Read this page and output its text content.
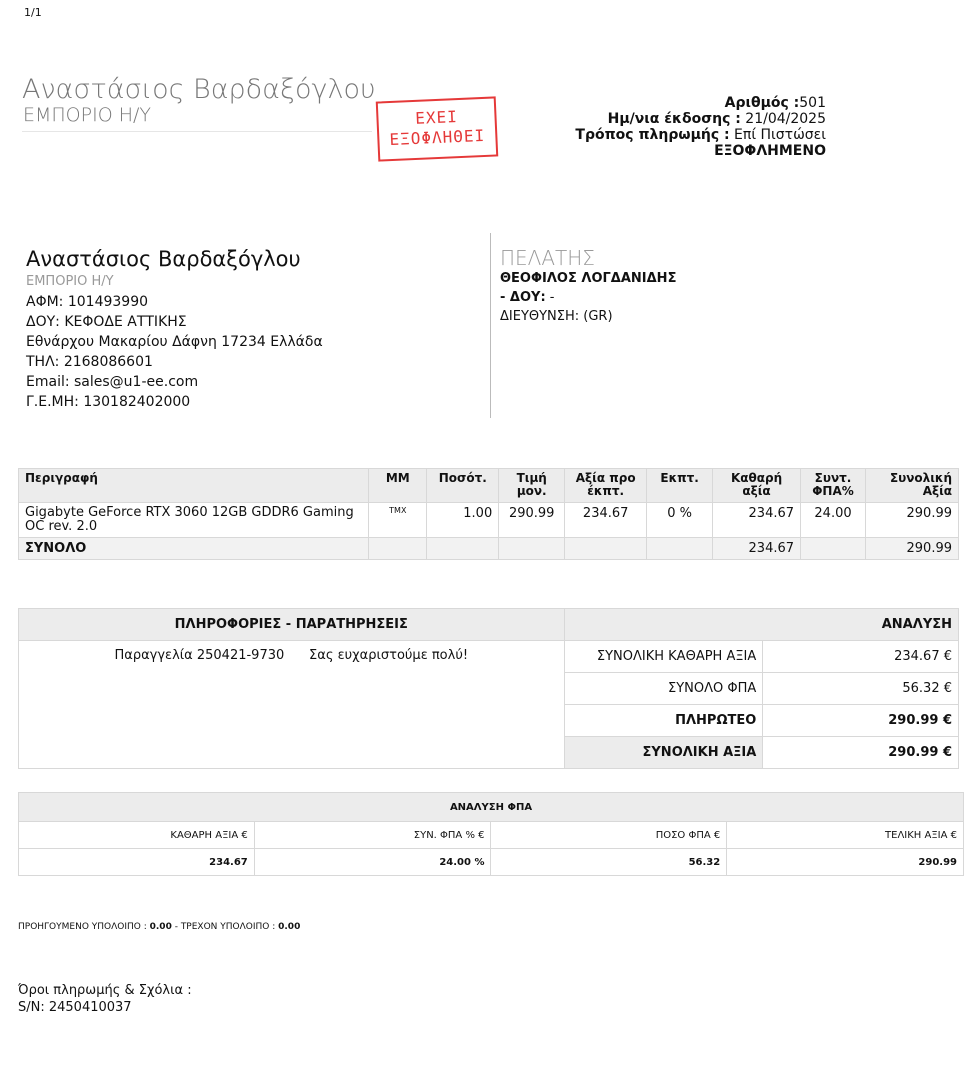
1/1
Αναστάσιος Βαρδαξόγλου
ΕΜΠΟΡΙΟ Η/Υ	ΕΧΕΙ
ΕΞΟΦΛΗΘΕΙ
Αριθμός :501
Ημ/νια έκδοσης : 21/04/2025
Τρόπος πληρωμής : Επί Πιστώσει
ΕΞΟΦΛΗΜΕΝΟ
Αναστάσιος Βαρδαξόγλου
ΕΜΠΟΡΙΟ Η/Υ
ΑΦΜ: 101493990
ΔΟΥ: ΚΕΦΟΔΕ ΑΤΤΙΚΗΣ
Εθνάρχου Μακαρίου Δάφνη 17234 Ελλάδα
ΤΗΛ: 2168086601
Email: sales@u1-ee.com
Γ.Ε.ΜΗ: 130182402000
ΠΕΛΑΤΗΣ
ΘΕΟΦΙΛΟΣ ΛΟΓΔΑΝΙΔΗΣ
- ΔΟΥ: -
ΔΙΕΥΘΥΝΣΗ: (GR)
Περιγραφή	ΜΜ	Ποσότ.	Τιμή μον.	Αξία προ έκπτ.	Εκπτ.	Καθαρή αξία	Συντ. ΦΠΑ%	Συνολική Αξία
Gigabyte GeForce RTX 3060 12GB GDDR6 Gaming OC rev. 2.0	ТМХ	1.00	290.99	234.67	0 %	234.67	24.00	290.99
ΣΥΝΟΛΟ						234.67		290.99
ΠΛΗΡΟΦΟΡΙΕΣ - ΠΑΡΑΤΗΡΗΣΕΙΣ	ΑΝΑΛΥΣΗ	
Παραγγελία 250421-9730      Σας ευχαριστούμε πολύ!	ΣΥΝΟΛΙΚΗ ΚΑΘΑΡΗ ΑΞΙΑ	234.67 €
	ΣΥΝΟΛΟ ΦΠΑ	56.32 €
	ΠΛΗΡΩΤΕΟ	290.99 €
	ΣΥΝΟΛΙΚΗ ΑΞΙΑ	290.99 €
ΑΝΑΛΥΣΗ ΦΠΑ			
ΚΑΘΑΡΗ ΑΞΙΑ €	ΣΥΝ. ΦΠΑ % €	ΠΟΣΟ ΦΠΑ €	ΤΕΛΙΚΗ ΑΞΙΑ €
234.67	24.00 %	56.32	290.99
ΠΡΟΗΓΟΥΜΕΝΟ ΥΠΟΛΟΙΠΟ : 0.00 - ΤΡΕΧΟΝ ΥΠΟΛΟΙΠΟ : 0.00
Όροι πληρωμής & Σχόλια :
S/N: 2450410037
